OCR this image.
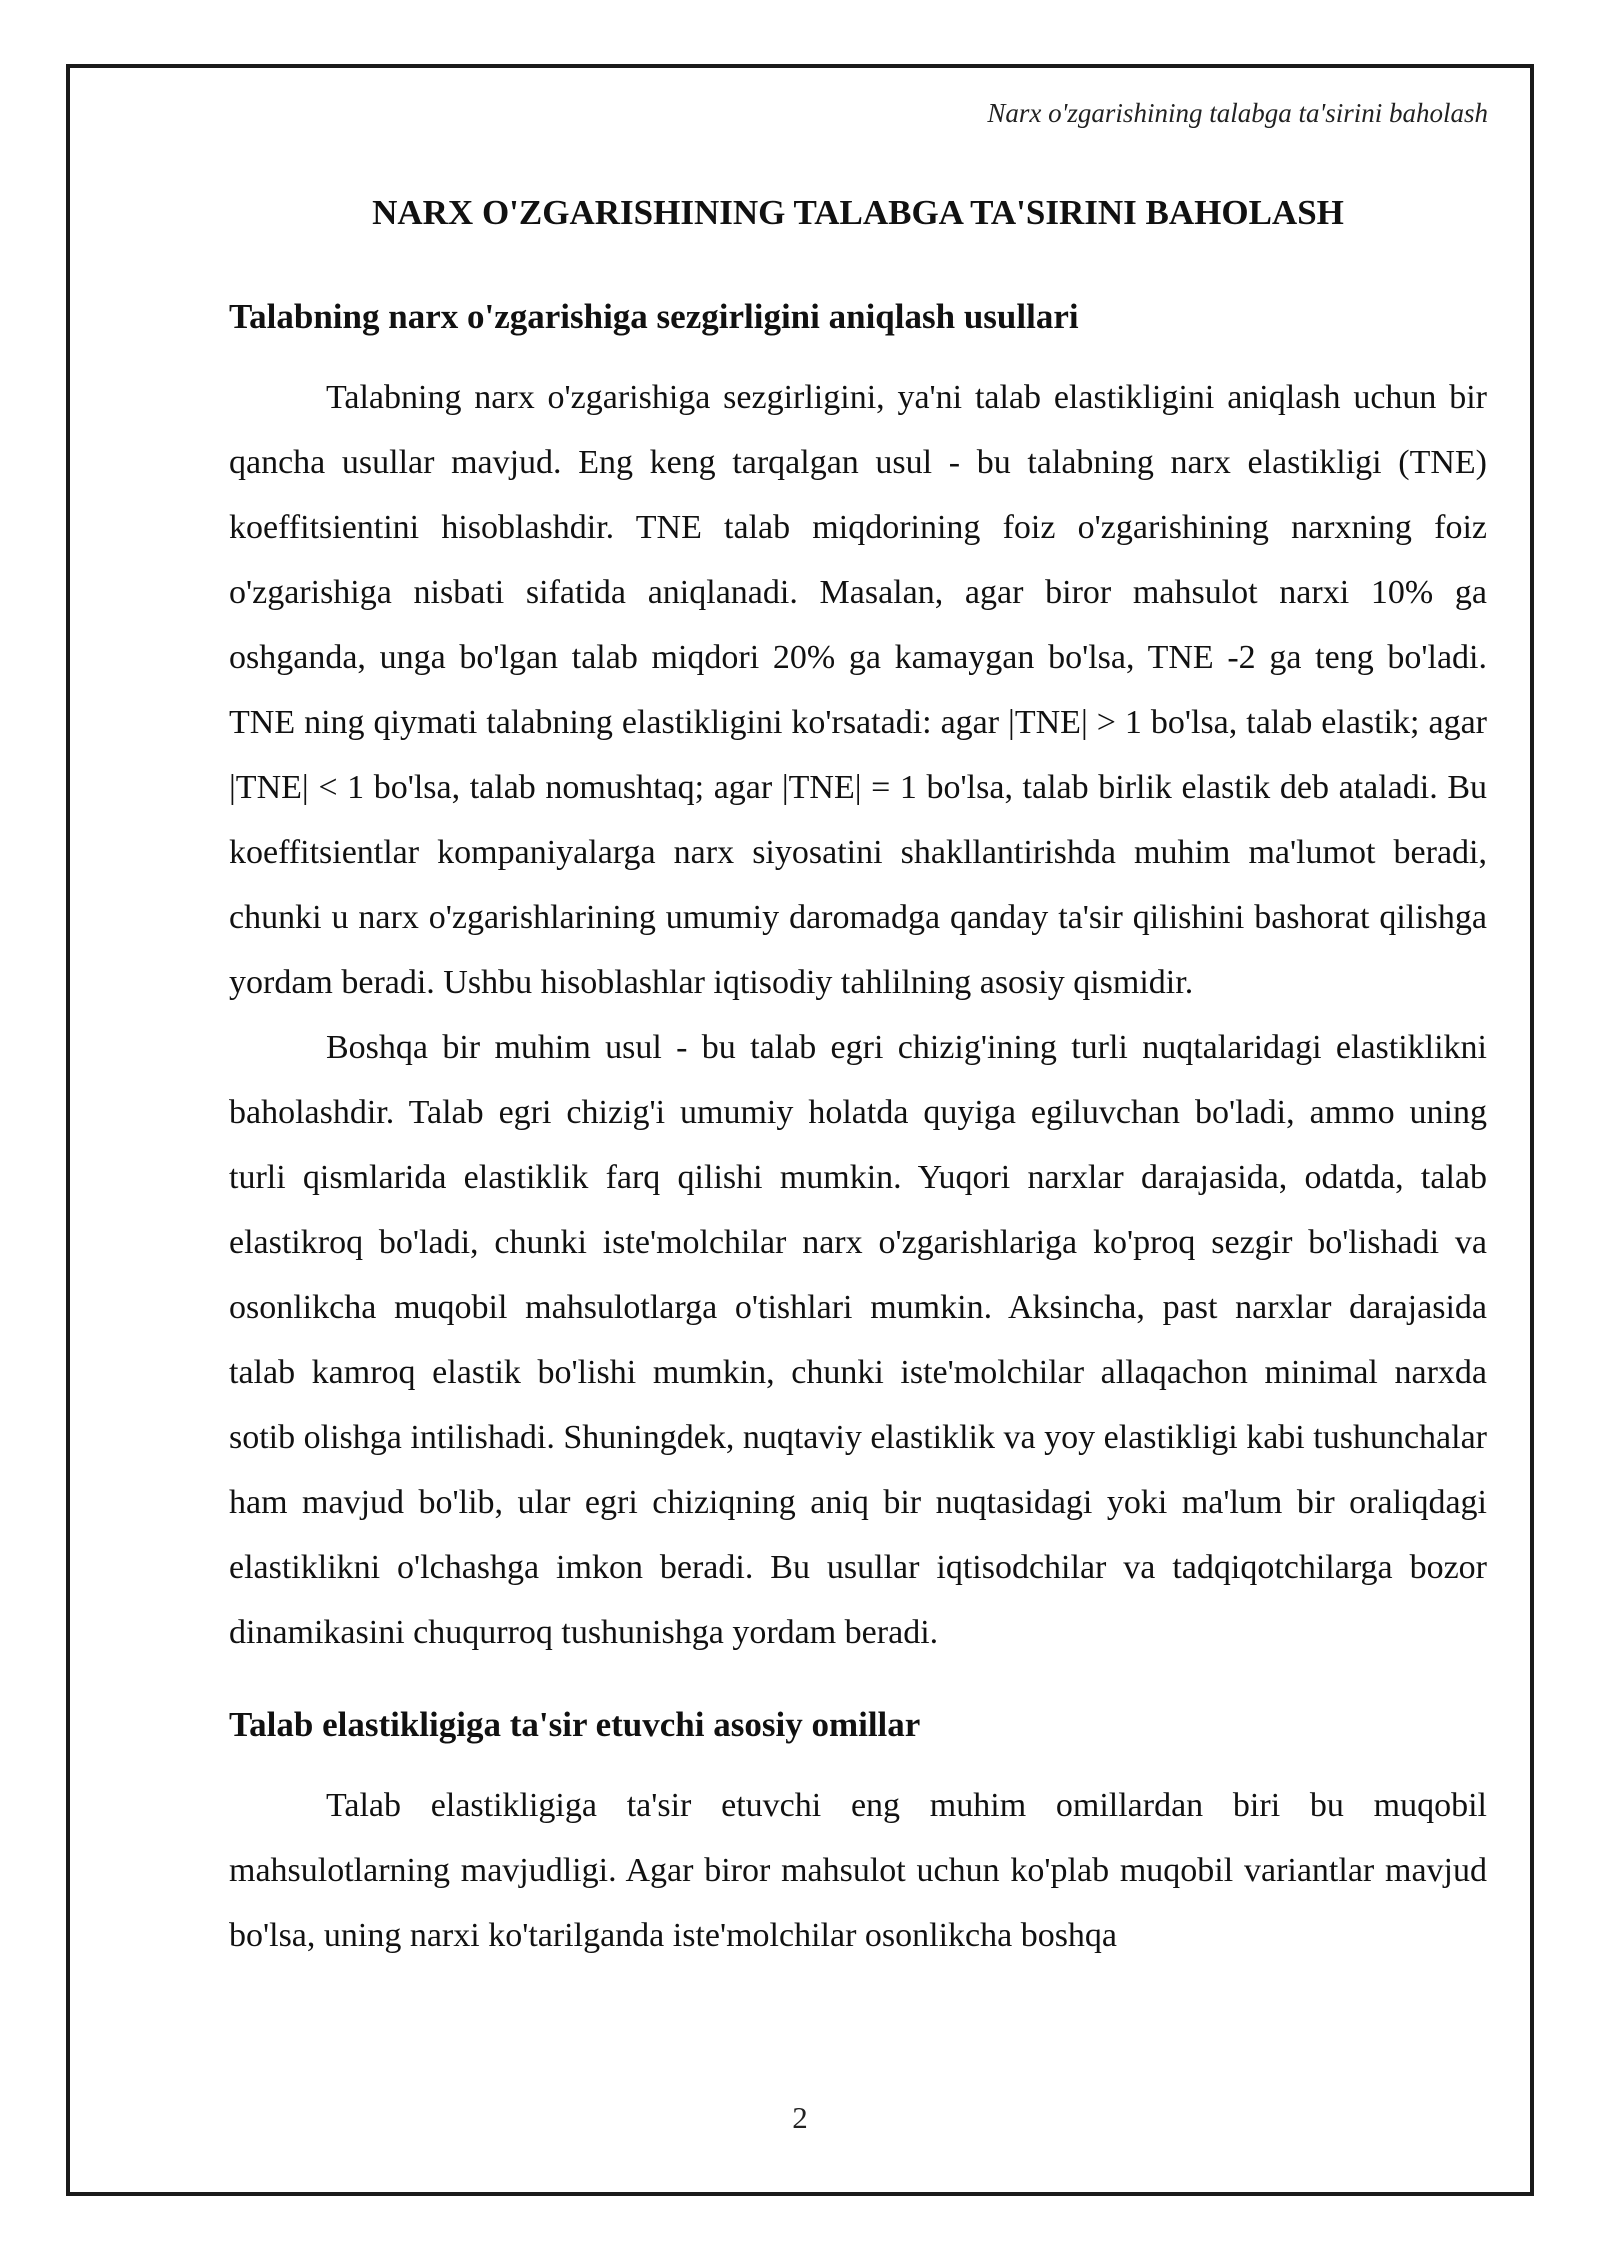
Narx o'zgarishining talabga ta'sirini baholash
NARX O'ZGARISHINING TALABGA TA'SIRINI BAHOLASH
Talabning narx o'zgarishiga sezgirligini aniqlash usullari

Talabning narx o'zgarishiga sezgirligini, ya'ni talab elastikligini aniqlash uchun bir qancha usullar mavjud. Eng keng tarqalgan usul - bu talabning narx elastikligi (TNE) koeffitsientini hisoblashdir. TNE talab miqdorining foiz o'zgarishining narxning foiz o'zgarishiga nisbati sifatida aniqlanadi. Masalan, agar biror mahsulot narxi 10% ga oshganda, unga bo'lgan talab miqdori 20% ga kamaygan bo'lsa, TNE -2 ga teng bo'ladi. TNE ning qiymati talabning elastikligini ko'rsatadi: agar |TNE| > 1 bo'lsa, talab elastik; agar |TNE| < 1 bo'lsa, talab nomushtaq; agar |TNE| = 1 bo'lsa, talab birlik elastik deb ataladi. Bu koeffitsientlar kompaniyalarga narx siyosatini shakllantirishda muhim ma'lumot beradi, chunki u narx o'zgarishlarining umumiy daromadga qanday ta'sir qilishini bashorat qilishga yordam beradi. Ushbu hisoblashlar iqtisodiy tahlilning asosiy qismidir.

Boshqa bir muhim usul - bu talab egri chizig'ining turli nuqtalaridagi elastiklikni baholashdir. Talab egri chizig'i umumiy holatda quyiga egiluvchan bo'ladi, ammo uning turli qismlarida elastiklik farq qilishi mumkin. Yuqori narxlar darajasida, odatda, talab elastikroq bo'ladi, chunki iste'molchilar narx o'zgarishlariga ko'proq sezgir bo'lishadi va osonlikcha muqobil mahsulotlarga o'tishlari mumkin. Aksincha, past narxlar darajasida talab kamroq elastik bo'lishi mumkin, chunki iste'molchilar allaqachon minimal narxda sotib olishga intilishadi. Shuningdek, nuqtaviy elastiklik va yoy elastikligi kabi tushunchalar ham mavjud bo'lib, ular egri chiziqning aniq bir nuqtasidagi yoki ma'lum bir oraliqdagi elastiklikni o'lchashga imkon beradi. Bu usullar iqtisodchilar va tadqiqotchilarga bozor dinamikasini chuqurroq tushunishga yordam beradi.

Talab elastikligiga ta'sir etuvchi asosiy omillar

Talab elastikligiga ta'sir etuvchi eng muhim omillardan biri bu muqobil mahsulotlarning mavjudligi. Agar biror mahsulot uchun ko'plab muqobil variantlar mavjud bo'lsa, uning narxi ko'tarilganda iste'molchilar osonlikcha boshqa

2
